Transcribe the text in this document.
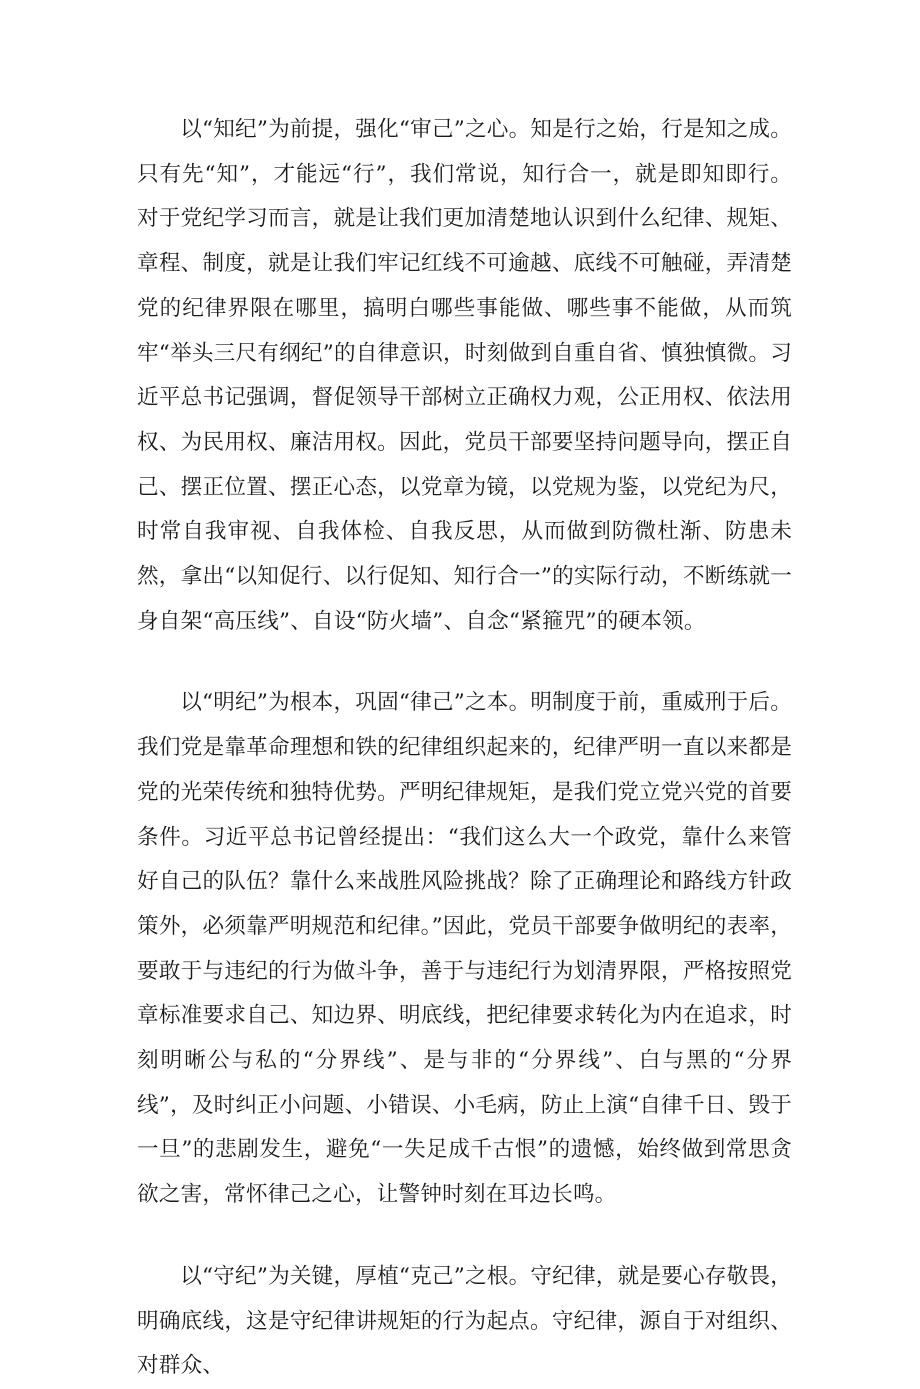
以“知纪”为前提，强化“审己”之心。知是行之始，行是知之成。只有先“知”，才能远“行”，我们常说，知行合一，就是即知即行。对于党纪学习而言，就是让我们更加清楚地认识到什么纪律、规矩、章程、制度，就是让我们牢记红线不可逾越、底线不可触碰，弄清楚党的纪律界限在哪里，搞明白哪些事能做、哪些事不能做，从而筑牢“举头三尺有纲纪”的自律意识，时刻做到自重自省、慎独慎微。习近平总书记强调，督促领导干部树立正确权力观，公正用权、依法用权、为民用权、廉洁用权。因此，党员干部要坚持问题导向，摆正自己、摆正位置、摆正心态，以党章为镜，以党规为鉴，以党纪为尺，时常自我审视、自我体检、自我反思，从而做到防微杜渐、防患未然，拿出“以知促行、以行促知、知行合一”的实际行动，不断练就一身自架“高压线”、自设“防火墙”、自念“紧箍咒”的硬本领。

以“明纪”为根本，巩固“律己”之本。明制度于前，重威刑于后。我们党是靠革命理想和铁的纪律组织起来的，纪律严明一直以来都是党的光荣传统和独特优势。严明纪律规矩，是我们党立党兴党的首要条件。习近平总书记曾经提出：“我们这么大一个政党，靠什么来管好自己的队伍？靠什么来战胜风险挑战？除了正确理论和路线方针政策外，必须靠严明规范和纪律。”因此，党员干部要争做明纪的表率，要敢于与违纪的行为做斗争，善于与违纪行为划清界限，严格按照党章标准要求自己、知边界、明底线，把纪律要求转化为内在追求，时刻明晰公与私的“分界线”、是与非的“分界线”、白与黑的“分界线”，及时纠正小问题、小错误、小毛病，防止上演“自律千日、毁于一旦”的悲剧发生，避免“一失足成千古恨”的遗憾，始终做到常思贪欲之害，常怀律己之心，让警钟时刻在耳边长鸣。

以“守纪”为关键，厚植“克己”之根。守纪律，就是要心存敬畏，明确底线，这是守纪律讲规矩的行为起点。守纪律，源自于对组织、对群众、
